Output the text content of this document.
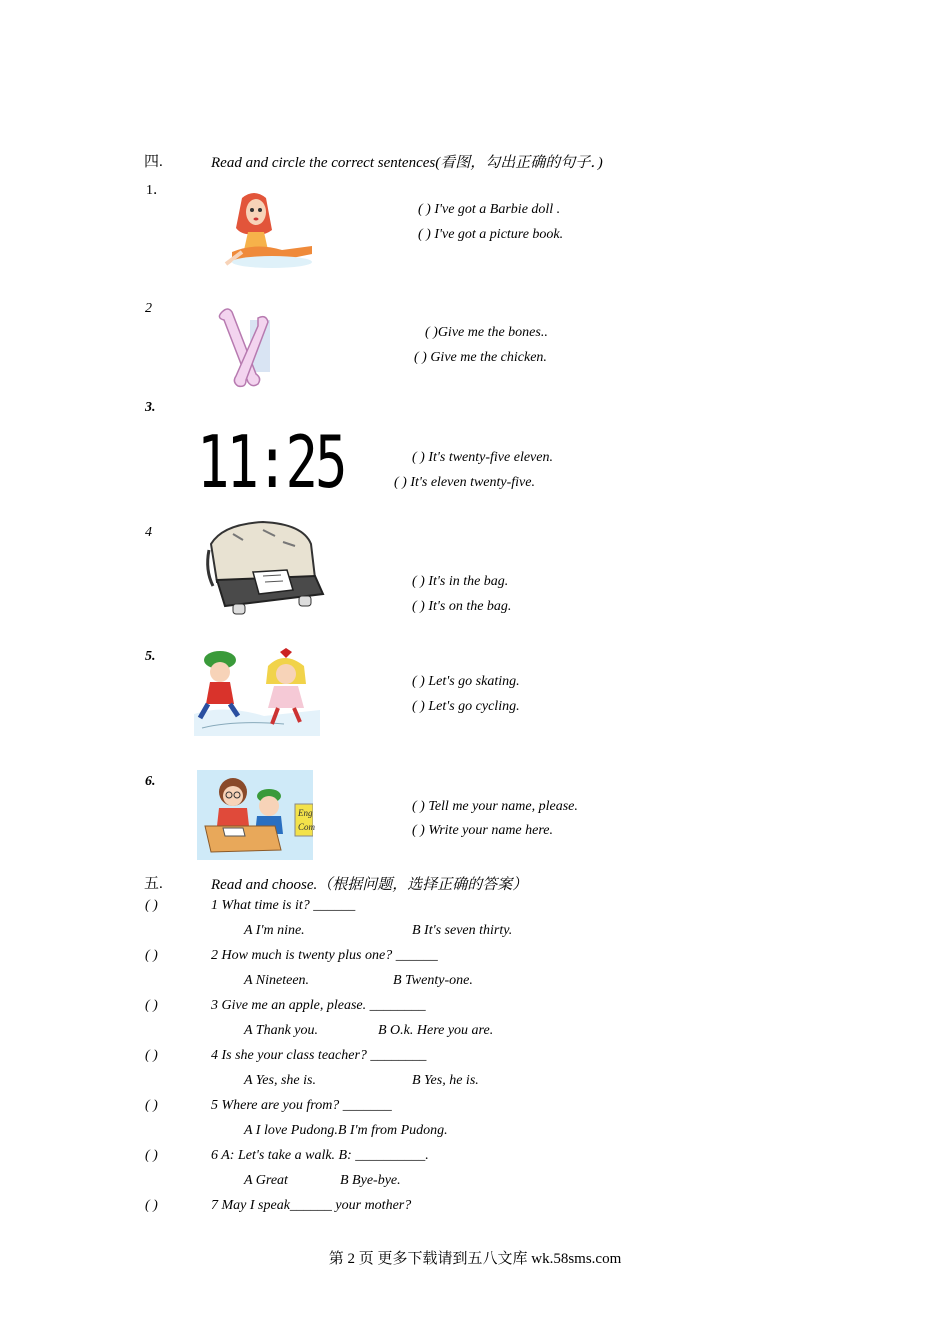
四.	Read and circle the correct sentences(看图，勾出正确的句子．)
1．
( ) I've got a Barbie doll .
( ) I've got a picture book.
2
( )Give me the bones..
( ) Give me the chicken.
3.
11:25	( ) It's twenty-five eleven.
( ) It's eleven twenty-five.
4
( ) It's in the bag.
( ) It's on the bag.
5.
( ) Let's go skating.
( ) Let's go cycling.
6.
Eng
Com
( ) Tell me your name, please.
( ) Write your name here.
五.	Read and choose.（根据问题，选择正确的答案）
( )	1 What time is it? ______
A I'm nine.	B It's seven thirty.
( )	2 How much is twenty plus one? ______
A Nineteen.	B Twenty-one.
( )	3 Give me an apple, please. ________
A Thank you.	B O.k. Here you are.
( )	4 Is she your class teacher? ________
A Yes, she is.	B Yes, he is.
( )	5 Where are you from? _______
A I love Pudong.B I'm from Pudong.
( )	6 A: Let's take a walk. B: __________.
A Great	B Bye-bye.
( )	7 May I speak______ your mother?
第 2 页 更多下载请到五八文库 wk.58sms.com
